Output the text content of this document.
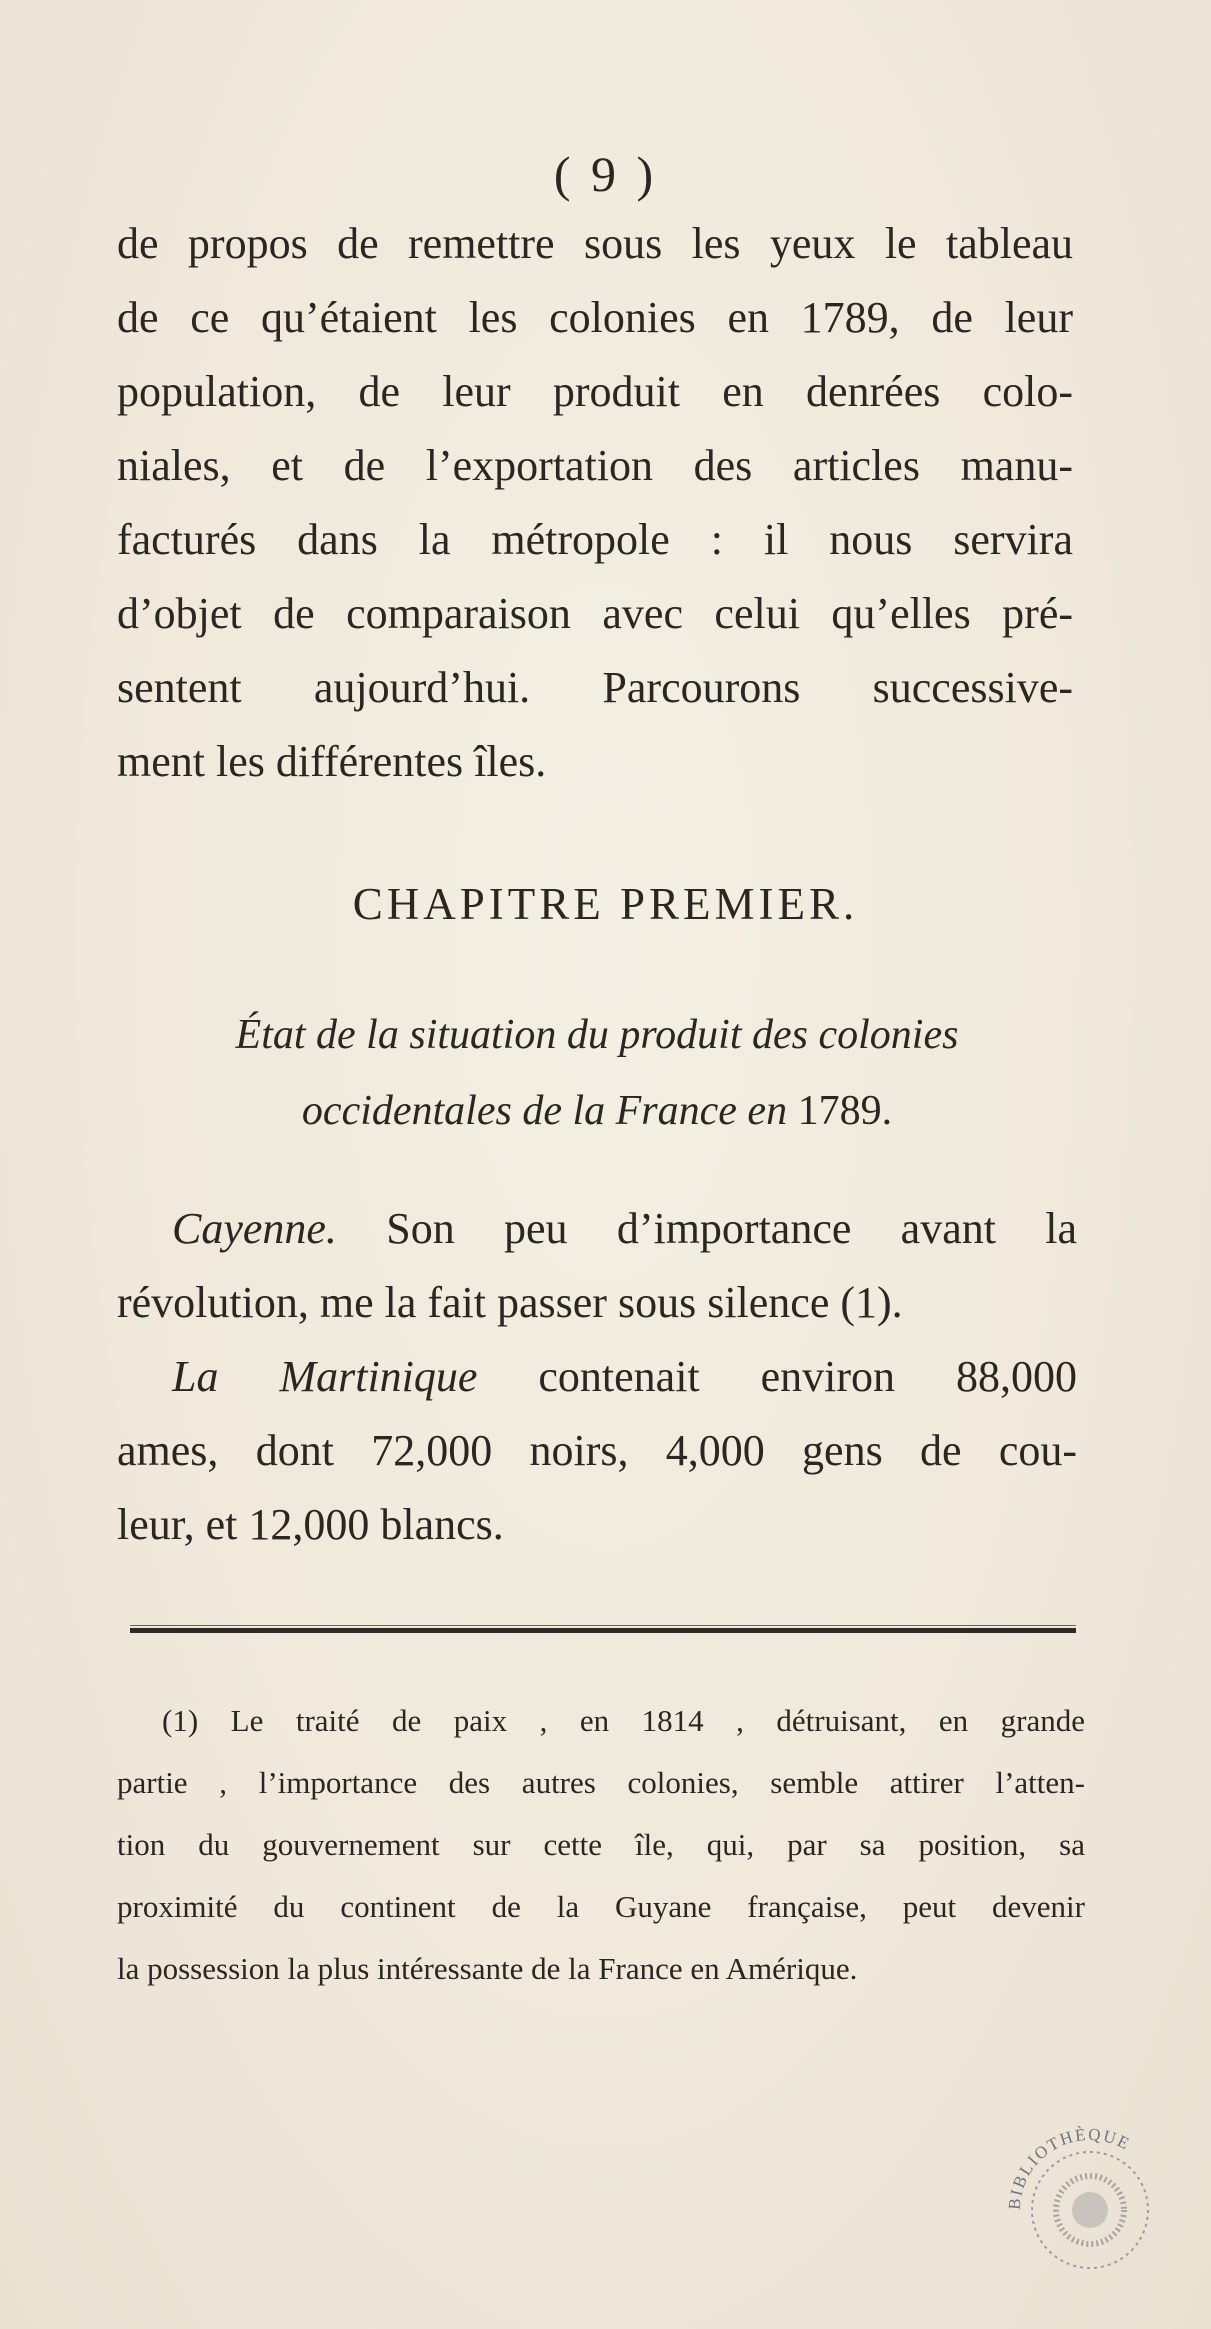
( 9 )
de propos de remettre sous les yeux le tableau
de ce qu’étaient les colonies en 1789, de leur
population, de leur produit en denrées colo-
niales, et de l’exportation des articles manu-
facturés dans la métropole : il nous servira
d’objet de comparaison avec celui qu’elles pré-
sentent aujourd’hui. Parcourons successive-
ment les différentes îles.
CHAPITRE PREMIER.
État de la situation du produit des colonies
occidentales de la France en 1789.
Cayenne. Son peu d’importance avant la
révolution, me la fait passer sous silence (1).
La Martinique contenait environ 88,000
ames, dont 72,000 noirs, 4,000 gens de cou-
leur, et 12,000 blancs.
(1) Le traité de paix , en 1814 , détruisant, en grande
partie , l’importance des autres colonies, semble attirer l’atten-
tion du gouvernement sur cette île, qui, par sa position, sa
proximité du continent de la Guyane française, peut devenir
la possession la plus intéressante de la France en Amérique.
BIBLIOTHÈQUE
